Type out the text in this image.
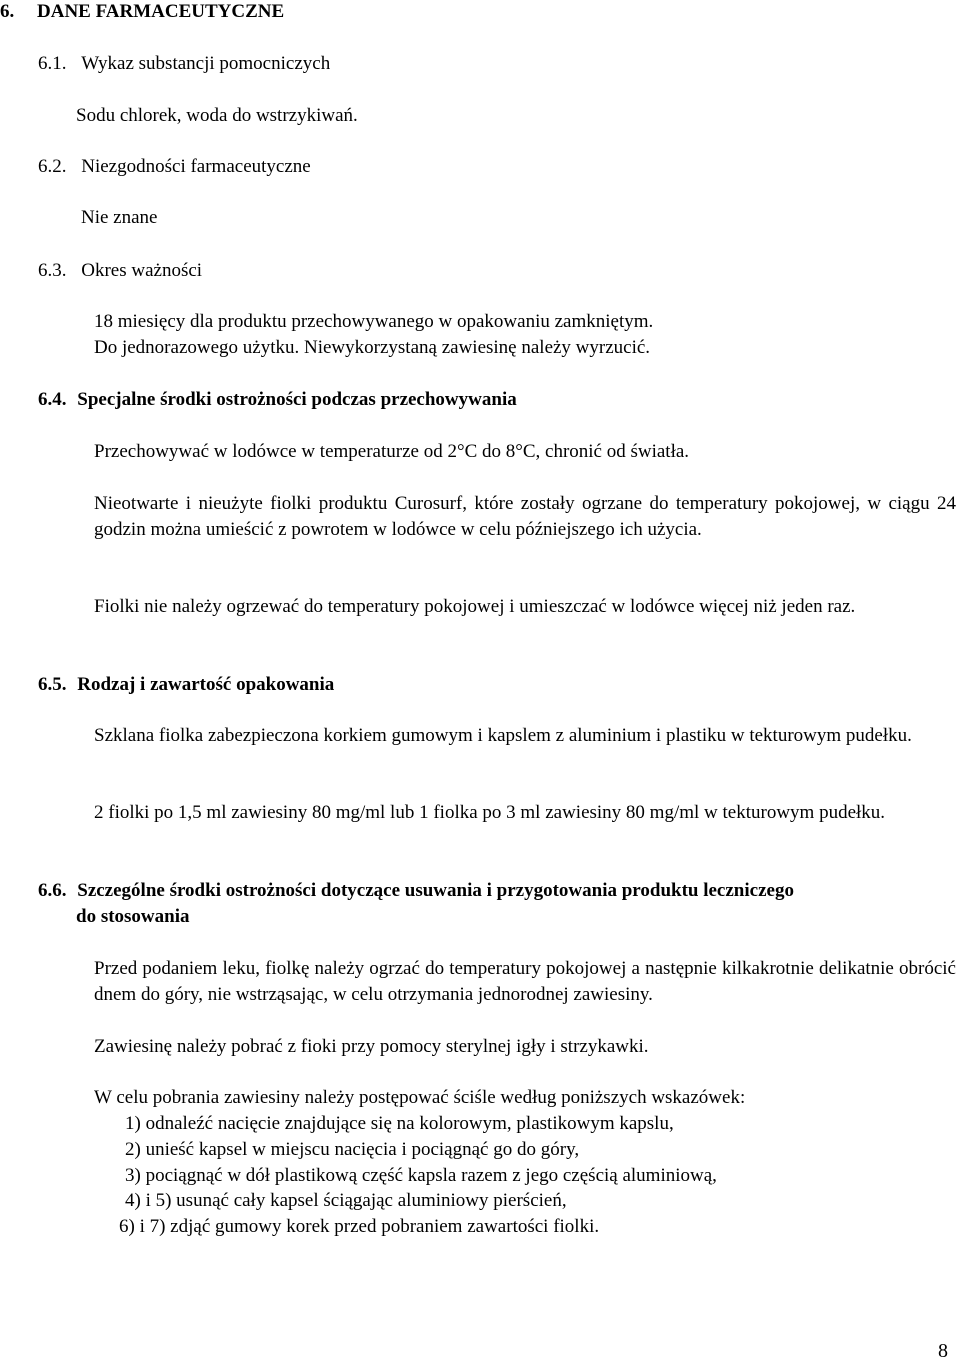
6. DANE FARMACEUTYCZNE
6.1. Wykaz substancji pomocniczych

Sodu chlorek, woda do wstrzykiwań.

6.2. Niezgodności farmaceutyczne

Nie znane

6.3. Okres ważności

18 miesięcy dla produktu przechowywanego w opakowaniu zamkniętym.

Do jednorazowego użytku. Niewykorzystaną zawiesinę należy wyrzucić.

6.4. Specjalne środki ostrożności podczas przechowywania

Przechowywać w lodówce w temperaturze od 2°C do 8°C, chronić od światła.

Nieotwarte i nieużyte fiolki produktu Curosurf, które zostały ogrzane do temperatury pokojowej, w ciągu 24 godzin można umieścić z powrotem w lodówce w celu późniejszego ich użycia.

Fiolki nie należy ogrzewać do temperatury pokojowej i umieszczać w lodówce więcej niż jeden raz.

6.5. Rodzaj i zawartość opakowania

Szklana fiolka zabezpieczona korkiem gumowym i kapslem z aluminium i plastiku w tekturowym pudełku.

2 fiolki po 1,5 ml zawiesiny 80 mg/ml lub 1 fiolka po 3 ml zawiesiny 80 mg/ml w tekturowym pudełku.

6.6. Szczególne środki ostrożności dotyczące usuwania i przygotowania produktu leczniczego

do stosowania

Przed podaniem leku, fiolkę należy ogrzać do temperatury pokojowej a następnie kilkakrotnie delikatnie obrócić dnem do góry, nie wstrząsając, w celu otrzymania jednorodnej zawiesiny.

Zawiesinę należy pobrać z fioki przy pomocy sterylnej igły i strzykawki.

W celu pobrania zawiesiny należy postępować ściśle według poniższych wskazówek:

1) odnaleźć nacięcie znajdujące się na kolorowym, plastikowym kapslu,

2) unieść kapsel w miejscu nacięcia i pociągnąć go do góry,

3) pociągnąć w dół plastikową część kapsla razem z jego częścią aluminiową,

4) i 5) usunąć cały kapsel ściągając aluminiowy pierścień,

6) i 7) zdjąć gumowy korek przed pobraniem zawartości fiolki.

8
